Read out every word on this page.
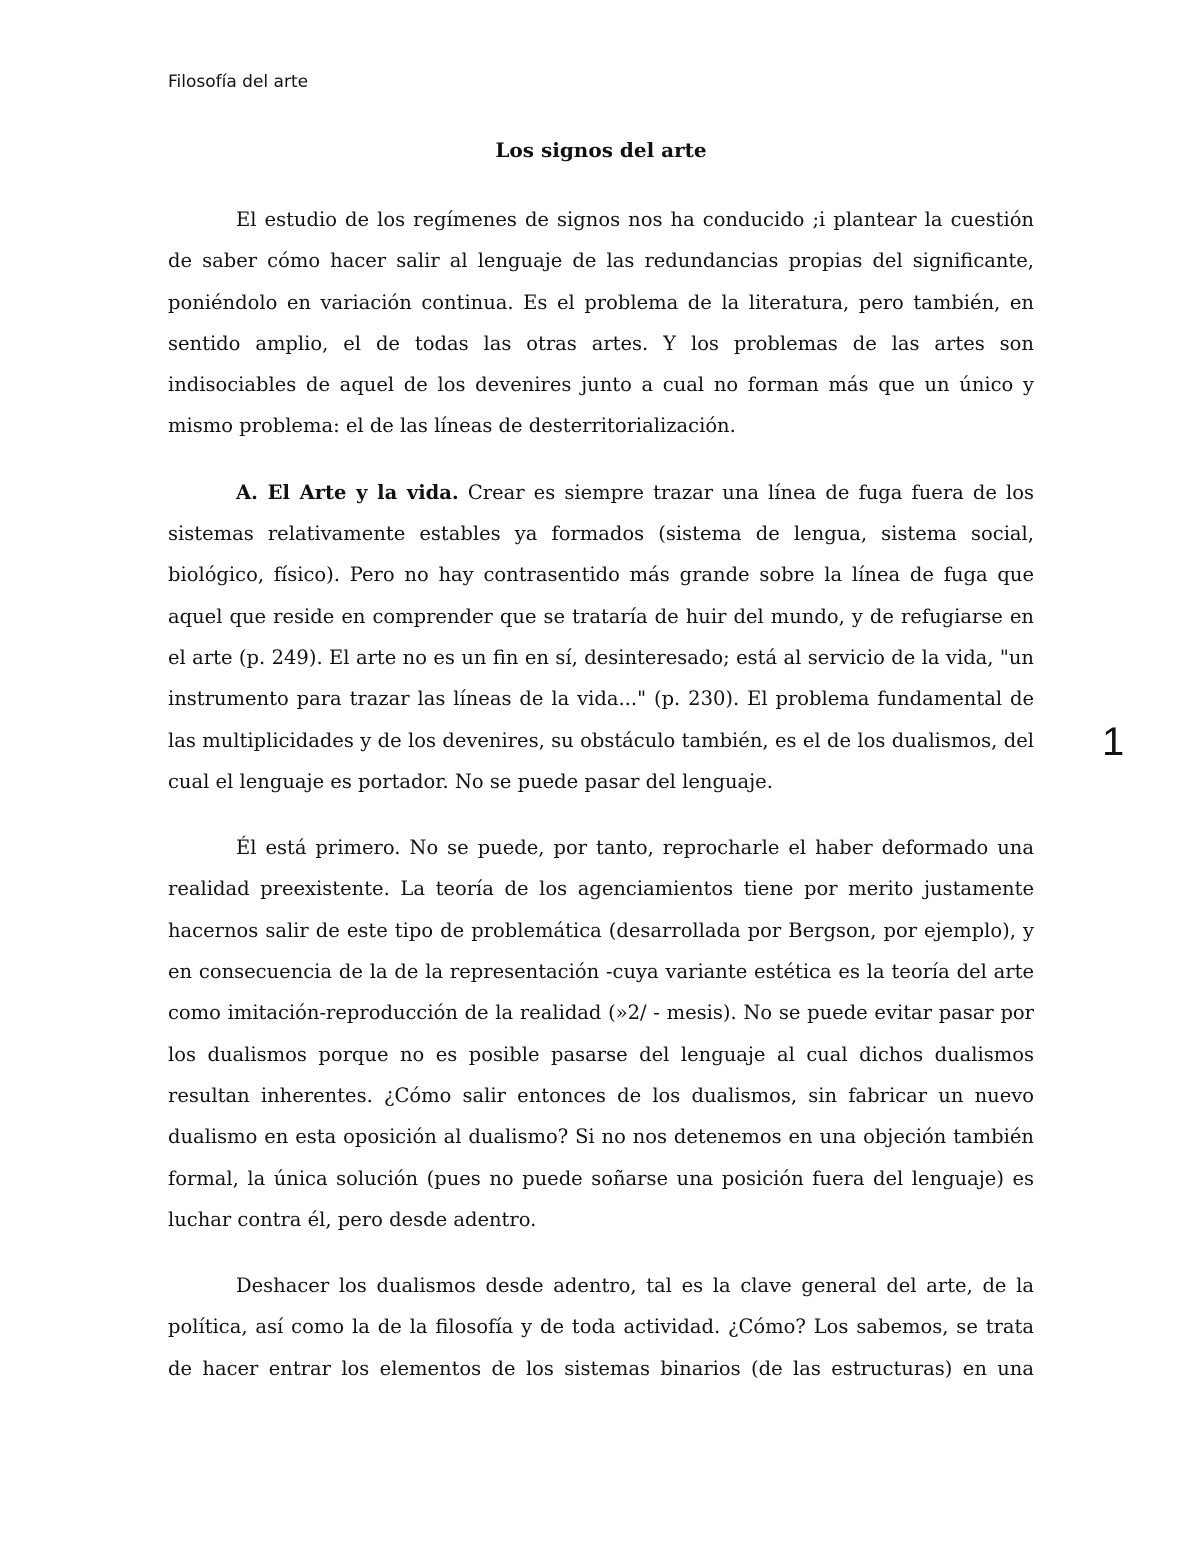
Filosofía del arte
Los signos del arte

El estudio de los regímenes de signos nos ha conducido ;i plantear la cuestión de saber cómo hacer salir al lenguaje de las redundancias propias del significante, poniéndolo en variación continua. Es el problema de la literatura, pero también, en sentido amplio, el de todas las otras artes. Y los problemas de las artes son indisociables de aquel de los devenires junto a cual no forman más que un único y mismo problema: el de las líneas de desterritorialización.

A. El Arte y la vida. Crear es siempre trazar una línea de fuga fuera de los sistemas relativamente estables ya formados (sistema de lengua, sistema social, biológico, físico). Pero no hay contrasentido más grande sobre la línea de fuga que aquel que reside en comprender que se trataría de huir del mundo, y de refugiarse en el arte (p. 249). El arte no es un fin en sí, desinteresado; está al servicio de la vida, "un instrumento para trazar las líneas de la vida..." (p. 230). El problema fundamental de las multiplicidades y de los devenires, su obstáculo también, es el de los dualismos, del cual el lenguaje es portador. No se puede pasar del lenguaje.

Él está primero. No se puede, por tanto, reprocharle el haber deformado una realidad preexistente. La teoría de los agenciamientos tiene por merito justamente hacernos salir de este tipo de problemática (desarrollada por Bergson, por ejemplo), y en consecuencia de la de la representación -cuya variante estética es la teoría del arte como imitación-reproducción de la realidad (»2/ - mesis). No se puede evitar pasar por los dualismos porque no es posible pasarse del lenguaje al cual dichos dualismos resultan inherentes. ¿Cómo salir entonces de los dualismos, sin fabricar un nuevo dualismo en esta oposición al dualismo? Si no nos detenemos en una objeción también formal, la única solución (pues no puede soñarse una posición fuera del lenguaje) es luchar contra él, pero desde adentro.

Deshacer los dualismos desde adentro, tal es la clave general del arte, de la política, así como la de la filosofía y de toda actividad. ¿Cómo? Los sabemos, se trata de hacer entrar los elementos de los sistemas binarios (de las estructuras) en una

1
